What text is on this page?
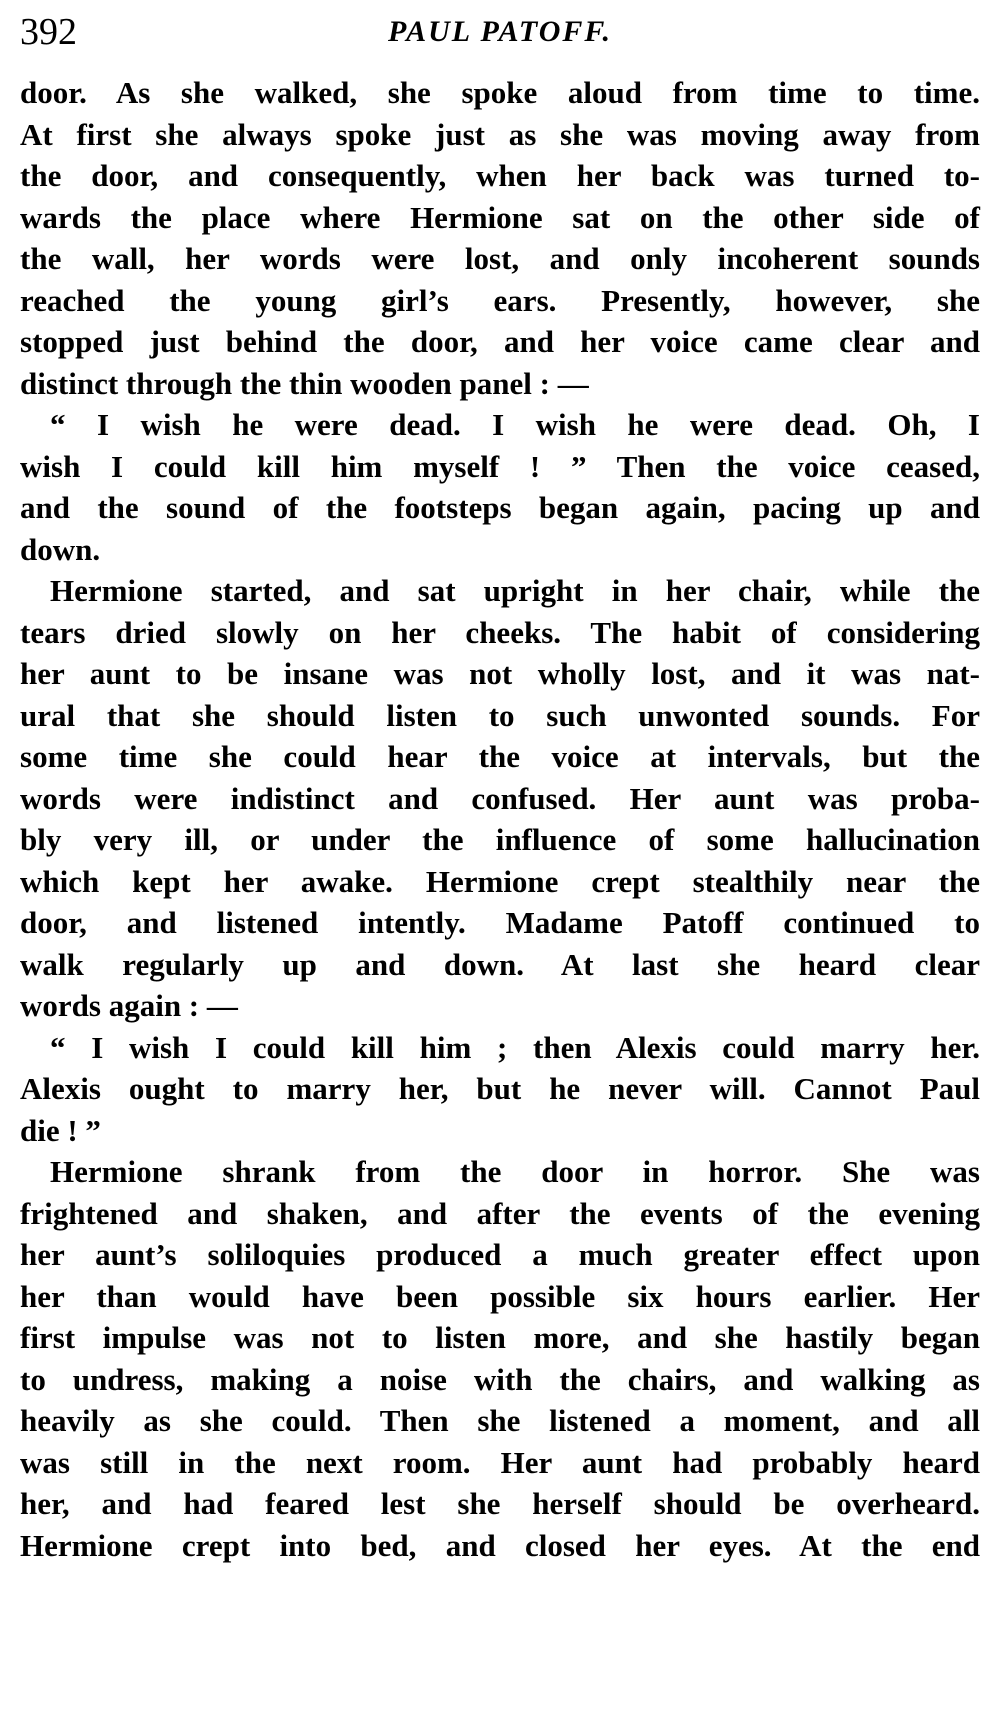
392	PAUL PATOFF.
door. As she walked, she spoke aloud from time to time.
At first she always spoke just as she was moving away from
the door, and consequently, when her back was turned to-
wards the place where Hermione sat on the other side of
the wall, her words were lost, and only incoherent sounds
reached the young girl’s ears. Presently, however, she
stopped just behind the door, and her voice came clear and
distinct through the thin wooden panel : —
“ I wish he were dead. I wish he were dead. Oh, I
wish I could kill him myself ! ” Then the voice ceased,
and the sound of the footsteps began again, pacing up and
down.
Hermione started, and sat upright in her chair, while the
tears dried slowly on her cheeks. The habit of considering
her aunt to be insane was not wholly lost, and it was nat-
ural that she should listen to such unwonted sounds. For
some time she could hear the voice at intervals, but the
words were indistinct and confused. Her aunt was proba-
bly very ill, or under the influence of some hallucination
which kept her awake. Hermione crept stealthily near the
door, and listened intently. Madame Patoff continued to
walk regularly up and down. At last she heard clear
words again : —
“ I wish I could kill him ; then Alexis could marry her.
Alexis ought to marry her, but he never will. Cannot Paul
die ! ”
Hermione shrank from the door in horror. She was
frightened and shaken, and after the events of the evening
her aunt’s soliloquies produced a much greater effect upon
her than would have been possible six hours earlier. Her
first impulse was not to listen more, and she hastily began
to undress, making a noise with the chairs, and walking as
heavily as she could. Then she listened a moment, and all
was still in the next room. Her aunt had probably heard
her, and had feared lest she herself should be overheard.
Hermione crept into bed, and closed her eyes. At the end
